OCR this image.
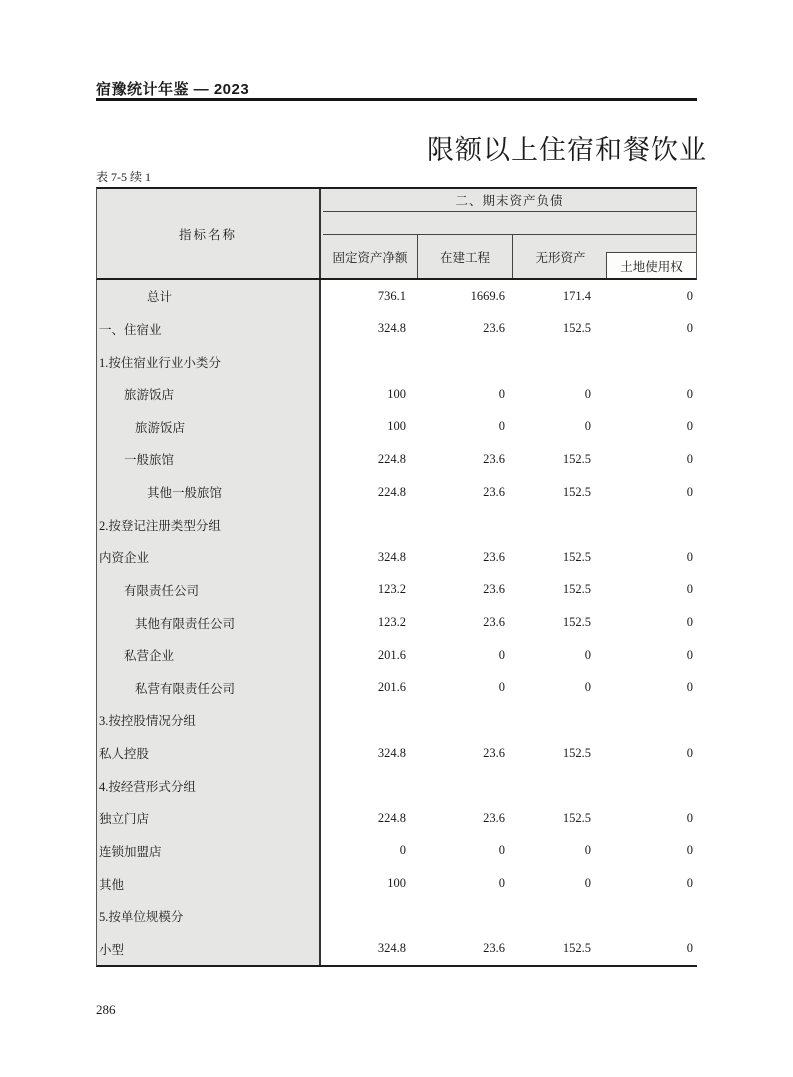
宿豫统计年鉴 — 2023
限额以上住宿和餐饮业
表 7-5 续 1
指标名称
二、期末资产负债
固定资产净额	在建工程	无形资产
土地使用权
总计	736.1	1669.6	171.4	0
一、住宿业	324.8	23.6	152.5	0
1.按住宿业行业小类分
旅游饭店	100	0	0	0
旅游饭店	100	0	0	0
一般旅馆	224.8	23.6	152.5	0
其他一般旅馆	224.8	23.6	152.5	0
2.按登记注册类型分组
内资企业	324.8	23.6	152.5	0
有限责任公司	123.2	23.6	152.5	0
其他有限责任公司	123.2	23.6	152.5	0
私营企业	201.6	0	0	0
私营有限责任公司	201.6	0	0	0
3.按控股情况分组
私人控股	324.8	23.6	152.5	0
4.按经营形式分组
独立门店	224.8	23.6	152.5	0
连锁加盟店	0	0	0	0
其他	100	0	0	0
5.按单位规模分
小型	324.8	23.6	152.5	0
286
